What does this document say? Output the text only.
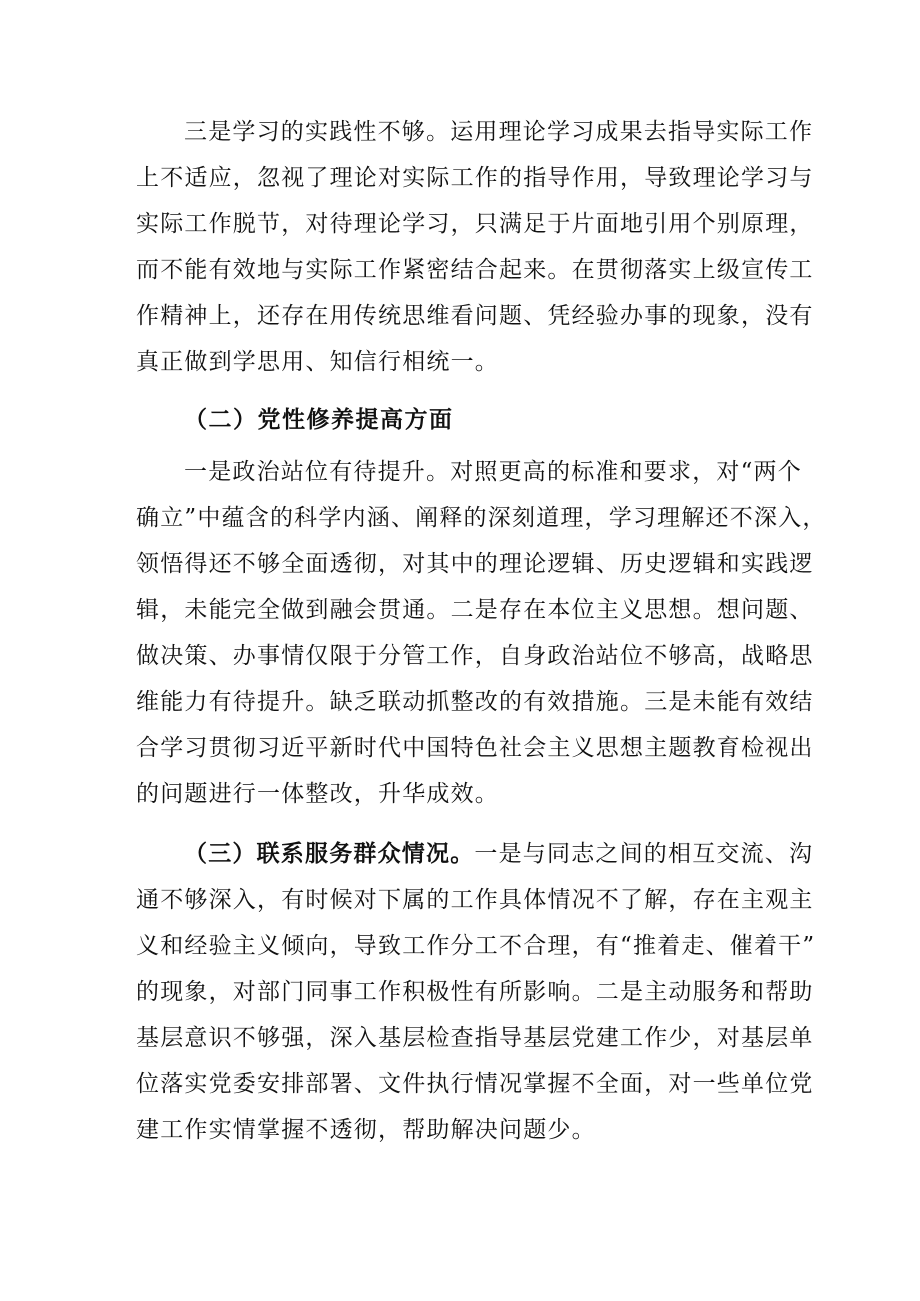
三是学习的实践性不够。运用理论学习成果去指导实际工作
上不适应，忽视了理论对实际工作的指导作用，导致理论学习与
实际工作脱节，对待理论学习，只满足于片面地引用个别原理，
而不能有效地与实际工作紧密结合起来。在贯彻落实上级宣传工
作精神上，还存在用传统思维看问题、凭经验办事的现象，没有
真正做到学思用、知信行相统一。
（二）党性修养提高方面
一是政治站位有待提升。对照更高的标准和要求，对“两个
确立”中蕴含的科学内涵、阐释的深刻道理，学习理解还不深入，
领悟得还不够全面透彻，对其中的理论逻辑、历史逻辑和实践逻
辑，未能完全做到融会贯通。二是存在本位主义思想。想问题、
做决策、办事情仅限于分管工作，自身政治站位不够高，战略思
维能力有待提升。缺乏联动抓整改的有效措施。三是未能有效结
合学习贯彻习近平新时代中国特色社会主义思想主题教育检视出
的问题进行一体整改，升华成效。
（三）联系服务群众情况。一是与同志之间的相互交流、沟
通不够深入，有时候对下属的工作具体情况不了解，存在主观主
义和经验主义倾向，导致工作分工不合理，有“推着走、催着干”
的现象，对部门同事工作积极性有所影响。二是主动服务和帮助
基层意识不够强，深入基层检查指导基层党建工作少，对基层单
位落实党委安排部署、文件执行情况掌握不全面，对一些单位党
建工作实情掌握不透彻，帮助解决问题少。
